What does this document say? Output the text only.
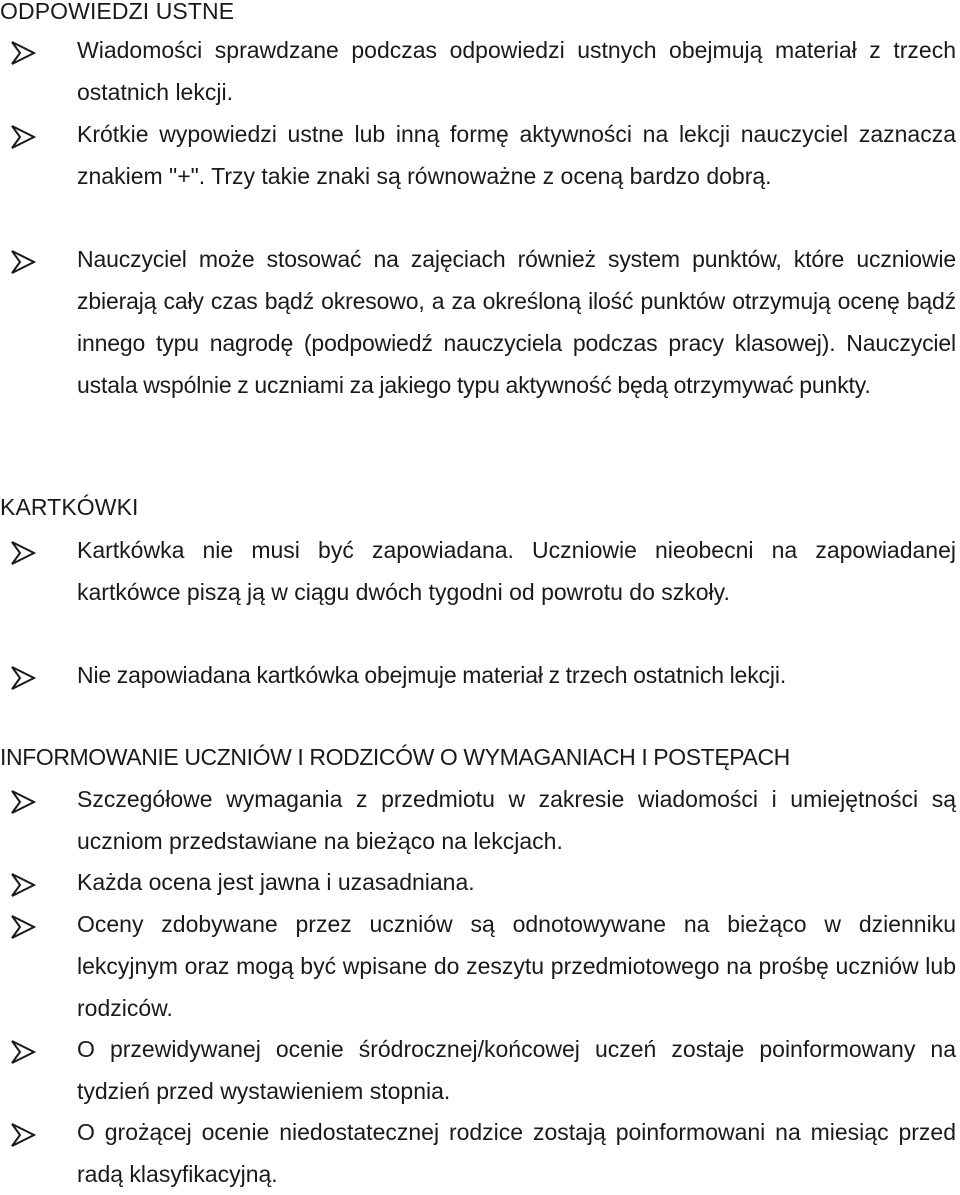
ODPOWIEDZI USTNE
Wiadomości sprawdzane podczas odpowiedzi ustnych obejmują materiał z trzech ostatnich lekcji.
Krótkie wypowiedzi ustne lub inną formę aktywności na lekcji nauczyciel zaznacza znakiem "+". Trzy takie znaki są równoważne z oceną bardzo dobrą.
Nauczyciel może stosować na zajęciach również system punktów, które uczniowie zbierają cały czas bądź okresowo, a za określoną ilość punktów otrzymują ocenę bądź innego typu nagrodę (podpowiedź nauczyciela podczas pracy klasowej). Nauczyciel ustala wspólnie z uczniami za jakiego typu aktywność będą otrzymywać punkty.
KARTKÓWKI
Kartkówka nie musi być zapowiadana. Uczniowie nieobecni na zapowiadanej kartkówce piszą ją w ciągu dwóch tygodni od powrotu do szkoły.
Nie zapowiadana kartkówka obejmuje materiał z trzech ostatnich lekcji.
INFORMOWANIE UCZNIÓW I RODZICÓW O WYMAGANIACH I POSTĘPACH
Szczegółowe wymagania z przedmiotu w zakresie wiadomości i umiejętności są uczniom przedstawiane na bieżąco na lekcjach.
Każda ocena jest jawna i uzasadniana.
Oceny zdobywane przez uczniów są odnotowywane na bieżąco w dzienniku lekcyjnym oraz mogą być wpisane do zeszytu przedmiotowego na prośbę uczniów lub rodziców.
O przewidywanej ocenie śródrocznej/końcowej uczeń zostaje poinformowany na tydzień przed wystawieniem stopnia.
O grożącej ocenie niedostatecznej rodzice zostają poinformowani na miesiąc przed radą klasyfikacyjną.
